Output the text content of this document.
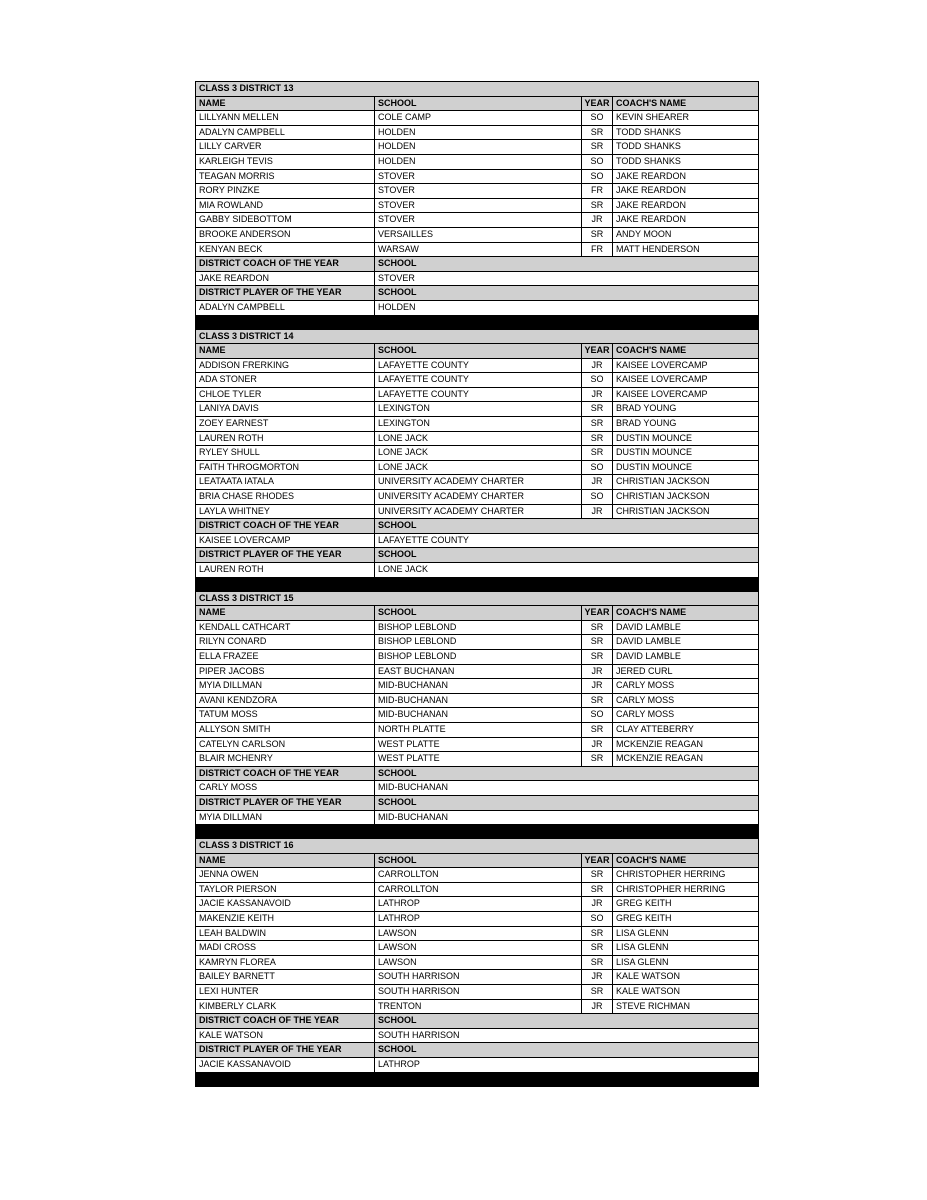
CLASS 3 DISTRICT 13			
NAME	SCHOOL	YEAR	COACH'S NAME
LILLYANN MELLEN	COLE CAMP	SO	KEVIN SHEARER
ADALYN CAMPBELL	HOLDEN	SR	TODD SHANKS
LILLY CARVER	HOLDEN	SR	TODD SHANKS
KARLEIGH TEVIS	HOLDEN	SO	TODD SHANKS
TEAGAN MORRIS	STOVER	SO	JAKE REARDON
RORY PINZKE	STOVER	FR	JAKE REARDON
MIA ROWLAND	STOVER	SR	JAKE REARDON
GABBY SIDEBOTTOM	STOVER	JR	JAKE REARDON
BROOKE ANDERSON	VERSAILLES	SR	ANDY MOON
KENYAN BECK	WARSAW	FR	MATT HENDERSON
DISTRICT COACH OF THE YEAR	SCHOOL		
JAKE REARDON	STOVER		
DISTRICT PLAYER OF THE YEAR	SCHOOL		
ADALYN CAMPBELL	HOLDEN		

CLASS 3 DISTRICT 14			
NAME	SCHOOL	YEAR	COACH'S NAME
ADDISON FRERKING	LAFAYETTE COUNTY	JR	KAISEE LOVERCAMP
ADA STONER	LAFAYETTE COUNTY	SO	KAISEE LOVERCAMP
CHLOE TYLER	LAFAYETTE COUNTY	JR	KAISEE LOVERCAMP
LANIYA DAVIS	LEXINGTON	SR	BRAD YOUNG
ZOEY EARNEST	LEXINGTON	SR	BRAD YOUNG
LAUREN ROTH	LONE JACK	SR	DUSTIN MOUNCE
RYLEY SHULL	LONE JACK	SR	DUSTIN MOUNCE
FAITH THROGMORTON	LONE JACK	SO	DUSTIN MOUNCE
LEATAATA IATALA	UNIVERSITY ACADEMY CHARTER	JR	CHRISTIAN JACKSON
BRIA CHASE RHODES	UNIVERSITY ACADEMY CHARTER	SO	CHRISTIAN JACKSON
LAYLA WHITNEY	UNIVERSITY ACADEMY CHARTER	JR	CHRISTIAN JACKSON
DISTRICT COACH OF THE YEAR	SCHOOL		
KAISEE LOVERCAMP	LAFAYETTE COUNTY		
DISTRICT PLAYER OF THE YEAR	SCHOOL		
LAUREN ROTH	LONE JACK		

CLASS 3 DISTRICT 15			
NAME	SCHOOL	YEAR	COACH'S NAME
KENDALL CATHCART	BISHOP LEBLOND	SR	DAVID LAMBLE
RILYN CONARD	BISHOP LEBLOND	SR	DAVID LAMBLE
ELLA FRAZEE	BISHOP LEBLOND	SR	DAVID LAMBLE
PIPER JACOBS	EAST BUCHANAN	JR	JERED CURL
MYIA DILLMAN	MID-BUCHANAN	JR	CARLY MOSS
AVANI KENDZORA	MID-BUCHANAN	SR	CARLY MOSS
TATUM MOSS	MID-BUCHANAN	SO	CARLY MOSS
ALLYSON SMITH	NORTH PLATTE	SR	CLAY ATTEBERRY
CATELYN CARLSON	WEST PLATTE	JR	MCKENZIE REAGAN
BLAIR MCHENRY	WEST PLATTE	SR	MCKENZIE REAGAN
DISTRICT COACH OF THE YEAR	SCHOOL		
CARLY MOSS	MID-BUCHANAN		
DISTRICT PLAYER OF THE YEAR	SCHOOL		
MYIA DILLMAN	MID-BUCHANAN		

CLASS 3 DISTRICT 16			
NAME	SCHOOL	YEAR	COACH'S NAME
JENNA OWEN	CARROLLTON	SR	CHRISTOPHER HERRING
TAYLOR PIERSON	CARROLLTON	SR	CHRISTOPHER HERRING
JACIE KASSANAVOID	LATHROP	JR	GREG KEITH
MAKENZIE KEITH	LATHROP	SO	GREG KEITH
LEAH BALDWIN	LAWSON	SR	LISA GLENN
MADI CROSS	LAWSON	SR	LISA GLENN
KAMRYN FLOREA	LAWSON	SR	LISA GLENN
BAILEY BARNETT	SOUTH HARRISON	JR	KALE WATSON
LEXI HUNTER	SOUTH HARRISON	SR	KALE WATSON
KIMBERLY CLARK	TRENTON	JR	STEVE RICHMAN
DISTRICT COACH OF THE YEAR	SCHOOL		
KALE WATSON	SOUTH HARRISON		
DISTRICT PLAYER OF THE YEAR	SCHOOL		
JACIE KASSANAVOID	LATHROP		
